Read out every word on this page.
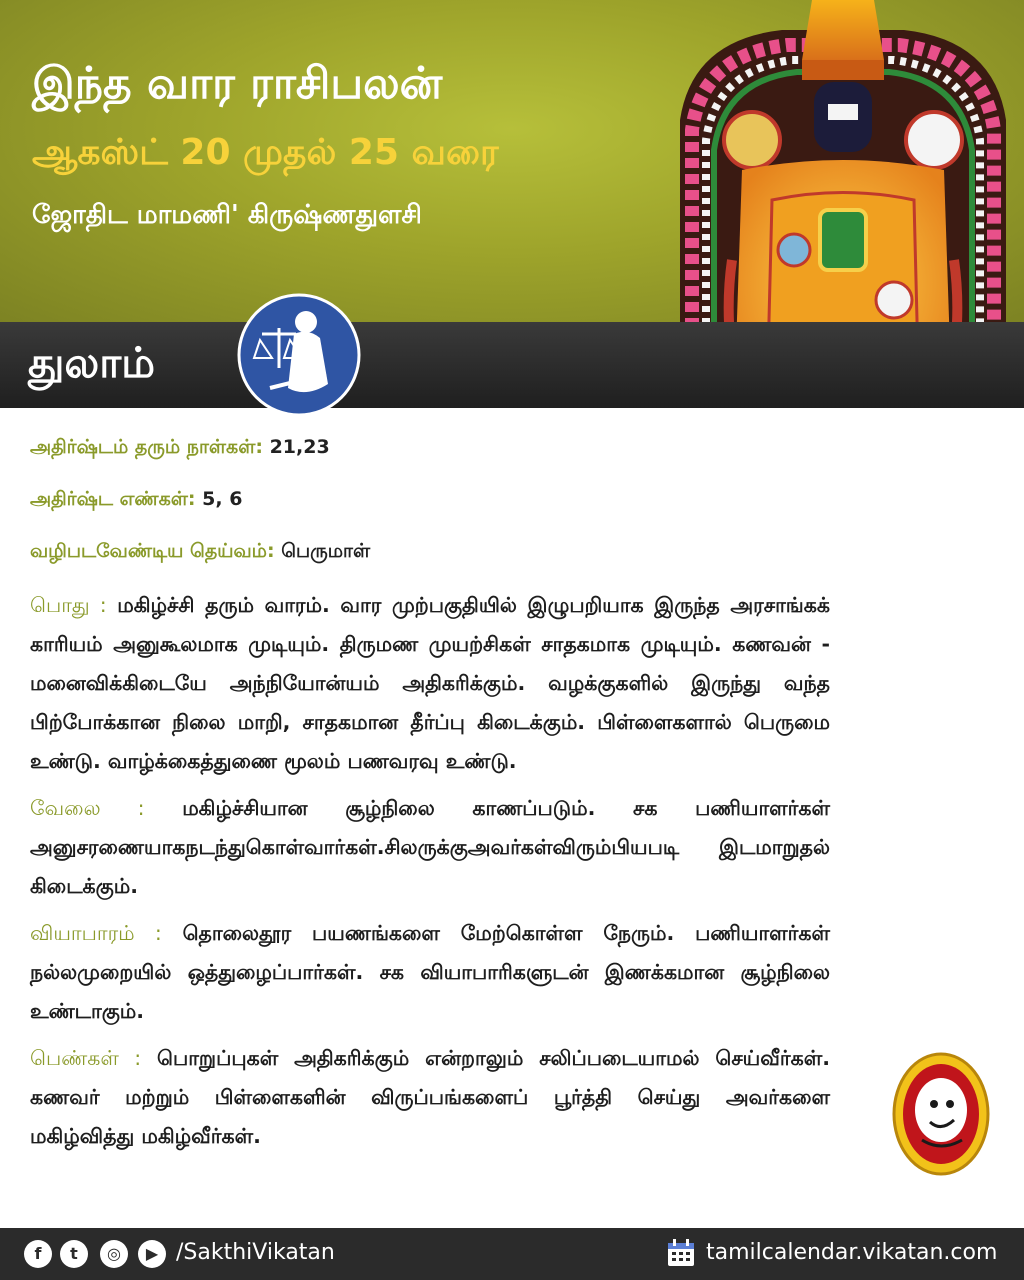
இந்த வார ராசிபலன்
ஆகஸ்ட் 20 முதல் 25 வரை
ஜோதிட மாமணி' கிருஷ்ணதுளசி
துலாம்
அதிர்ஷ்டம் தரும் நாள்கள்: 21,23
அதிர்ஷ்ட எண்கள்: 5, 6
வழிபடவேண்டிய தெய்வம்: பெருமாள்

பொது : மகிழ்ச்சி தரும் வாரம். வார முற்பகுதியில் இழுபறியாக இருந்த அரசாங்கக் காரியம் அனுகூலமாக முடியும். திருமண முயற்சிகள் சாதகமாக முடியும். கணவன் - மனைவிக்கிடையே அந்நியோன்யம் அதிகரிக்கும். வழக்குகளில் இருந்து வந்த பிற்போக்கான நிலை மாறி, சாதகமான தீர்ப்பு கிடைக்கும். பிள்ளைகளால் பெருமை உண்டு. வாழ்க்கைத்துணை மூலம் பணவரவு உண்டு.

வேலை : மகிழ்ச்சியான சூழ்நிலை காணப்படும். சக பணியாளர்கள் அனுசரணையாகநடந்துகொள்வார்கள்.சிலருக்குஅவர்கள்விரும்பியபடி இடமாறுதல் கிடைக்கும்.

வியாபாரம் : தொலைதூர பயணங்களை மேற்கொள்ள நேரும். பணியாளர்கள் நல்லமுறையில் ஒத்துழைப்பார்கள். சக வியாபாரிகளுடன் இணக்கமான சூழ்நிலை உண்டாகும்.

பெண்கள் : பொறுப்புகள் அதிகரிக்கும் என்றாலும் சலிப்படையாமல் செய்வீர்கள். கணவர் மற்றும் பிள்ளைகளின் விருப்பங்களைப் பூர்த்தி செய்து அவர்களை மகிழ்வித்து மகிழ்வீர்கள்.

f	t	◎	▶ /SakthiVikatan	tamilcalendar.vikatan.com
